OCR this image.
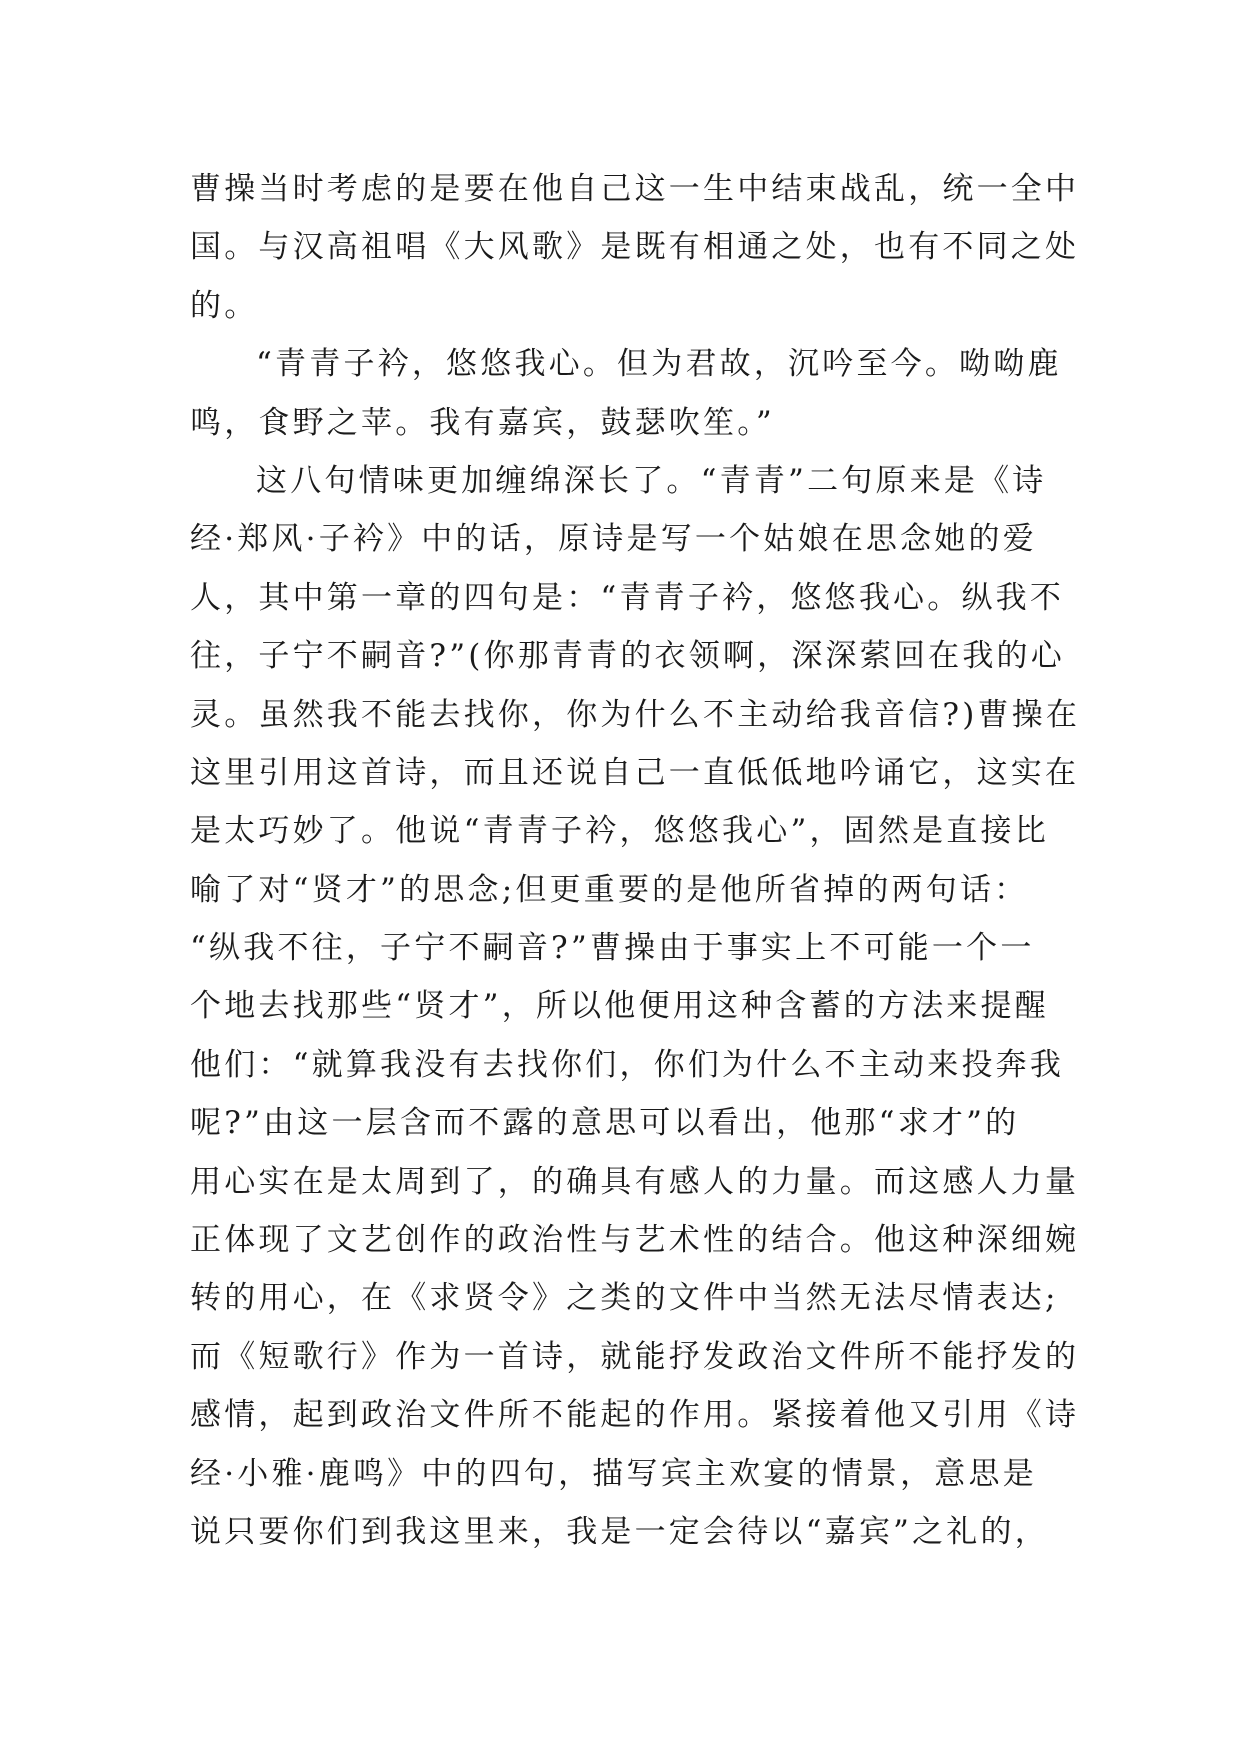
曹操当时考虑的是要在他自己这一生中结束战乱，统一全中
国。与汉高祖唱《大风歌》是既有相通之处，也有不同之处
的。
“青青子衿，悠悠我心。但为君故，沉吟至今。呦呦鹿
鸣，食野之苹。我有嘉宾，鼓瑟吹笙。”
这八句情味更加缠绵深长了。“青青”二句原来是《诗
经·郑风·子衿》中的话，原诗是写一个姑娘在思念她的爱
人，其中第一章的四句是：“青青子衿，悠悠我心。纵我不
往，子宁不嗣音?”(你那青青的衣领啊，深深萦回在我的心
灵。虽然我不能去找你，你为什么不主动给我音信?)曹操在
这里引用这首诗，而且还说自己一直低低地吟诵它，这实在
是太巧妙了。他说“青青子衿，悠悠我心”，固然是直接比
喻了对“贤才”的思念;但更重要的是他所省掉的两句话：
“纵我不往，子宁不嗣音?”曹操由于事实上不可能一个一
个地去找那些“贤才”，所以他便用这种含蓄的方法来提醒
他们：“就算我没有去找你们，你们为什么不主动来投奔我
呢?”由这一层含而不露的意思可以看出，他那“求才”的
用心实在是太周到了，的确具有感人的力量。而这感人力量
正体现了文艺创作的政治性与艺术性的结合。他这种深细婉
转的用心，在《求贤令》之类的文件中当然无法尽情表达;
而《短歌行》作为一首诗，就能抒发政治文件所不能抒发的
感情，起到政治文件所不能起的作用。紧接着他又引用《诗
经·小雅·鹿鸣》中的四句，描写宾主欢宴的情景，意思是
说只要你们到我这里来，我是一定会待以“嘉宾”之礼的，
